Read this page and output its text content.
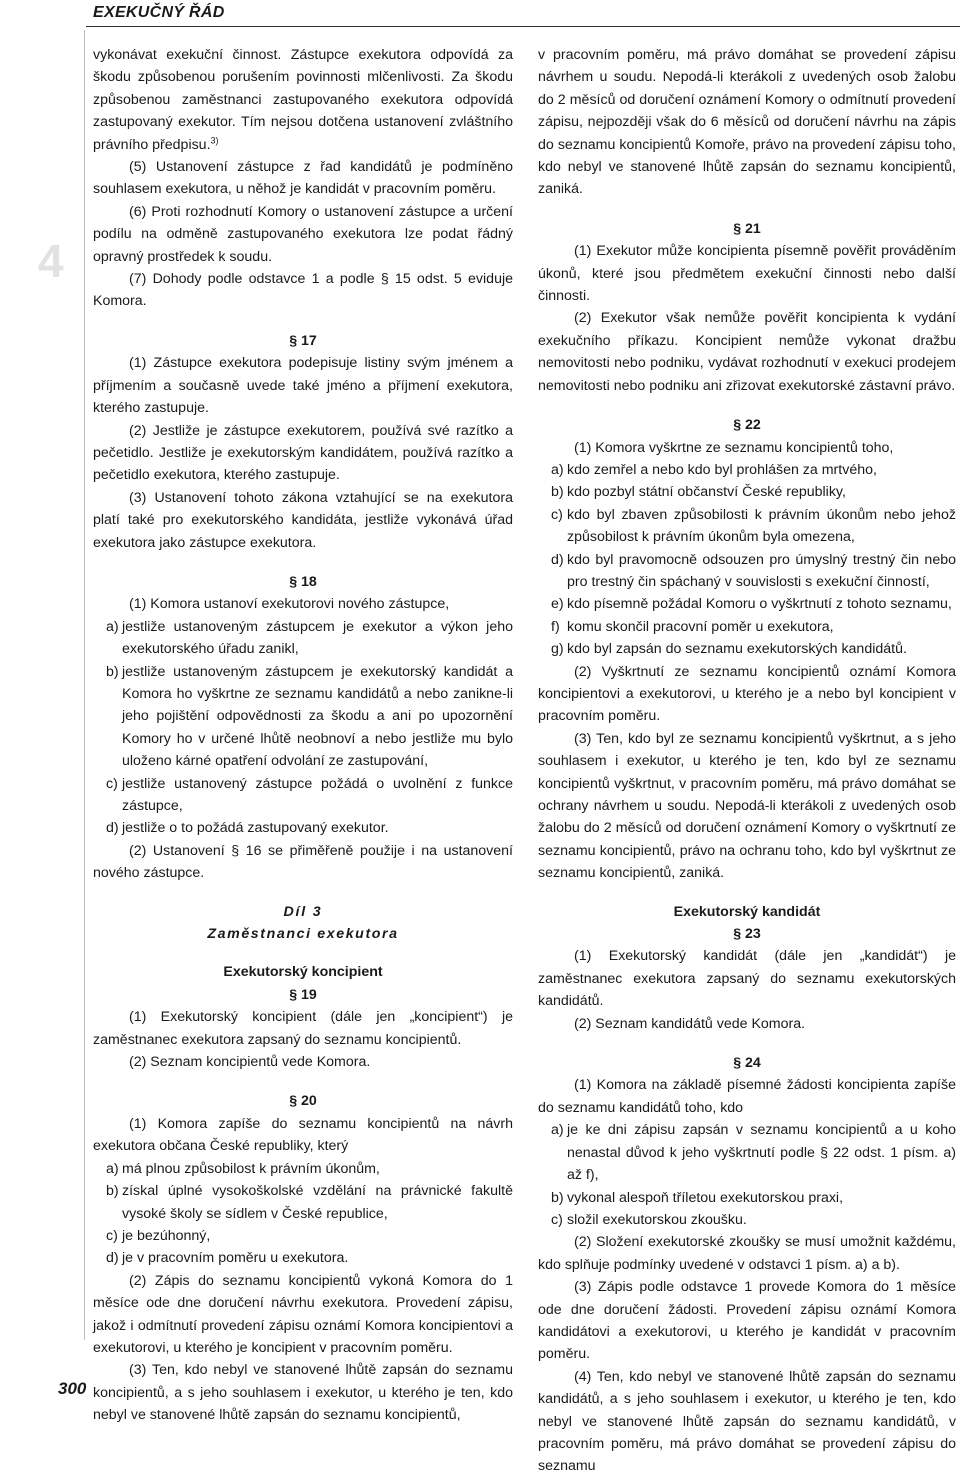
EXEKUČNÝ ŘÁD
4
300

vykonávat exekuční činnost. Zástupce exekutora odpovídá za škodu způsobenou porušením povinnosti mlčenlivosti. Za škodu způsobenou zaměstnanci zastupovaného exekutora odpovídá zastupovaný exekutor. Tím nejsou dotčena ustanovení zvláštního právního předpisu.$^{3)}$

(5) Ustanovení zástupce z řad kandidátů je podmíněno souhlasem exekutora, u něhož je kandidát v pracovním poměru.

(6) Proti rozhodnutí Komory o ustanovení zástupce a určení podílu na odměně zastupovaného exekutora lze podat řádný opravný prostředek k soudu.

(7) Dohody podle odstavce 1 a podle § 15 odst. 5 eviduje Komora.

§ 17

(1) Zástupce exekutora podepisuje listiny svým jménem a příjmením a současně uvede také jméno a příjmení exekutora, kterého zastupuje.

(2) Jestliže je zástupce exekutorem, používá své razítko a pečetidlo. Jestliže je exekutorským kandidátem, používá razítko a pečetidlo exekutora, kterého zastupuje.

(3) Ustanovení tohoto zákona vztahující se na exekutora platí také pro exekutorského kandidáta, jestliže vykonává úřad exekutora jako zástupce exekutora.

§ 18

(1) Komora ustanoví exekutorovi nového zástupce,

a) jestliže ustanoveným zástupcem je exekutor a výkon jeho exekutorského úřadu zanikl,
b) jestliže ustanoveným zástupcem je exekutorský kandidát a Komora ho vyškrtne ze seznamu kandidátů a nebo zanikne-li jeho pojištění odpovědnosti za škodu a ani po upozornění Komory ho v určené lhůtě neobnoví a nebo jestliže mu bylo uloženo kárné opatření odvolání ze zastupování,
c) jestliže ustanovený zástupce požádá o uvolnění z funkce zástupce,
d) jestliže o to požádá zastupovaný exekutor.

(2) Ustanovení § 16 se přiměřeně použije i na ustanovení nového zástupce.

Díl 3
Zaměstnanci exekutora
Exekutorský koncipient
§ 19

(1) Exekutorský koncipient (dále jen „koncipient“) je zaměstnanec exekutora zapsaný do seznamu koncipientů.

(2) Seznam koncipientů vede Komora.

§ 20

(1) Komora zapíše do seznamu koncipientů na návrh exekutora občana České republiky, který

a) má plnou způsobilost k právním úkonům,
b) získal úplné vysokoškolské vzdělání na právnické fakultě vysoké školy se sídlem v České republice,
c) je bezúhonný,
d) je v pracovním poměru u exekutora.

(2) Zápis do seznamu koncipientů vykoná Komora do 1 měsíce ode dne doručení návrhu exekutora. Provedení zápisu, jakož i odmítnutí provedení zápisu oznámí Komora koncipientovi a exekutorovi, u kterého je koncipient v pracovním poměru.

(3) Ten, kdo nebyl ve stanovené lhůtě zapsán do seznamu koncipientů, a s jeho souhlasem i exekutor, u kterého je ten, kdo nebyl ve stanovené lhůtě zapsán do seznamu koncipientů,

v pracovním poměru, má právo domáhat se provedení zápisu návrhem u soudu. Nepodá-li kterákoli z uvedených osob žalobu do 2 měsíců od doručení oznámení Komory o odmítnutí provedení zápisu, nejpozději však do 6 měsíců od doručení návrhu na zápis do seznamu koncipientů Komoře, právo na provedení zápisu toho, kdo nebyl ve stanovené lhůtě zapsán do seznamu koncipientů, zaniká.

§ 21

(1) Exekutor může koncipienta písemně pověřit prováděním úkonů, které jsou předmětem exekuční činnosti nebo další činnosti.

(2) Exekutor však nemůže pověřit koncipienta k vydání exekučního příkazu. Koncipient nemůže vykonat dražbu nemovitosti nebo podniku, vydávat rozhodnutí v exekuci prodejem nemovitosti nebo podniku ani zřizovat exekutorské zástavní právo.

§ 22

(1) Komora vyškrtne ze seznamu koncipientů toho,

a) kdo zemřel a nebo kdo byl prohlášen za mrtvého,
b) kdo pozbyl státní občanství České republiky,
c) kdo byl zbaven způsobilosti k právním úkonům nebo jehož způsobilost k právním úkonům byla omezena,
d) kdo byl pravomocně odsouzen pro úmyslný trestný čin nebo pro trestný čin spáchaný v souvislosti s exekuční činností,
e) kdo písemně požádal Komoru o vyškrtnutí z tohoto seznamu,
f) komu skončil pracovní poměr u exekutora,
g) kdo byl zapsán do seznamu exekutorských kandidátů.

(2) Vyškrtnutí ze seznamu koncipientů oznámí Komora koncipientovi a exekutorovi, u kterého je a nebo byl koncipient v pracovním poměru.

(3) Ten, kdo byl ze seznamu koncipientů vyškrtnut, a s jeho souhlasem i exekutor, u kterého je ten, kdo byl ze seznamu koncipientů vyškrtnut, v pracovním poměru, má právo domáhat se ochrany návrhem u soudu. Nepodá-li kterákoli z uvedených osob žalobu do 2 měsíců od doručení oznámení Komory o vyškrtnutí ze seznamu koncipientů, právo na ochranu toho, kdo byl vyškrtnut ze seznamu koncipientů, zaniká.

Exekutorský kandidát
§ 23

(1) Exekutorský kandidát (dále jen „kandidát“) je zaměstnanec exekutora zapsaný do seznamu exekutorských kandidátů.

(2) Seznam kandidátů vede Komora.

§ 24

(1) Komora na základě písemné žádosti koncipienta zapíše do seznamu kandidátů toho, kdo

a) je ke dni zápisu zapsán v seznamu koncipientů a u koho nenastal důvod k jeho vyškrtnutí podle § 22 odst. 1 písm. a) až f),
b) vykonal alespoň tříletou exekutorskou praxi,
c) složil exekutorskou zkoušku.

(2) Složení exekutorské zkoušky se musí umožnit každému, kdo splňuje podmínky uvedené v odstavci 1 písm. a) a b).

(3) Zápis podle odstavce 1 provede Komora do 1 měsíce ode dne doručení žádosti. Provedení zápisu oznámí Komora kandidátovi a exekutorovi, u kterého je kandidát v pracovním poměru.

(4) Ten, kdo nebyl ve stanovené lhůtě zapsán do seznamu kandidátů, a s jeho souhlasem i exekutor, u kterého je ten, kdo nebyl ve stanovené lhůtě zapsán do seznamu kandidátů, v pracovním poměru, má právo domáhat se provedení zápisu do seznamu
